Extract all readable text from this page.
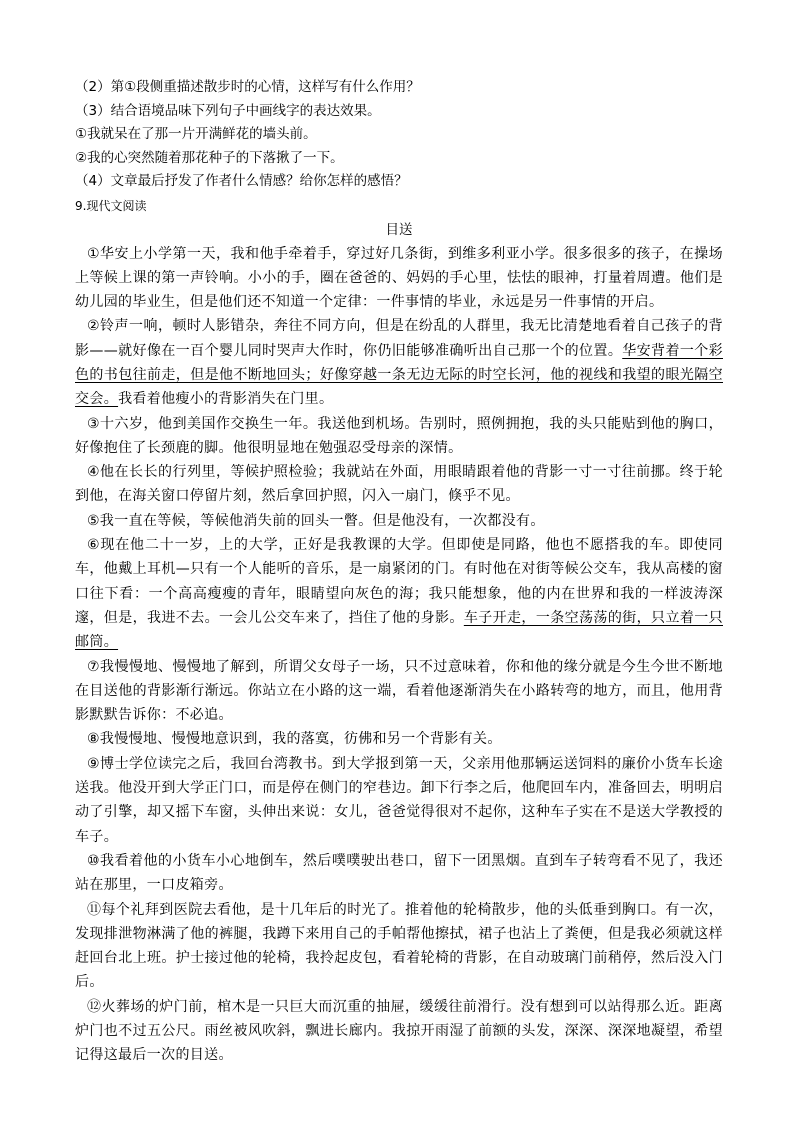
（2）第①段侧重描述散步时的心情，这样写有什么作用？
（3）结合语境品味下列句子中画线字的表达效果。
①我就呆在了那一片开满鲜花的墙头前。
②我的心突然随着那花种子的下落揪了一下。
（4）文章最后抒发了作者什么情感？给你怎样的感悟？
9.现代文阅读
目送
①华安上小学第一天，我和他手牵着手，穿过好几条街，到维多利亚小学。很多很多的孩子，在操场上等候上课的第一声铃响。小小的手，圈在爸爸的、妈妈的手心里，怯怯的眼神，打量着周遭。他们是幼儿园的毕业生，但是他们还不知道一个定律：一件事情的毕业，永远是另一件事情的开启。
②铃声一响，顿时人影错杂，奔往不同方向，但是在纷乱的人群里，我无比清楚地看着自己孩子的背影——就好像在一百个婴儿同时哭声大作时，你仍旧能够准确听出自己那一个的位置。华安背着一个彩色的书包往前走，但是他不断地回头；好像穿越一条无边无际的时空长河，他的视线和我望的眼光隔空交会。我看着他瘦小的背影消失在门里。
③十六岁，他到美国作交换生一年。我送他到机场。告别时，照例拥抱，我的头只能贴到他的胸口，好像抱住了长颈鹿的脚。他很明显地在勉强忍受母亲的深情。
④他在长长的行列里，等候护照检验；我就站在外面，用眼睛跟着他的背影一寸一寸往前挪。终于轮到他，在海关窗口停留片刻，然后拿回护照，闪入一扇门，倏乎不见。
⑤我一直在等候，等候他消失前的回头一瞥。但是他没有，一次都没有。
⑥现在他二十一岁，上的大学，正好是我教课的大学。但即使是同路，他也不愿搭我的车。即使同车，他戴上耳机—只有一个人能听的音乐，是一扇紧闭的门。有时他在对街等候公交车，我从高楼的窗口往下看：一个高高瘦瘦的青年，眼睛望向灰色的海；我只能想象，他的内在世界和我的一样波涛深邃，但是，我进不去。一会儿公交车来了，挡住了他的身影。车子开走，一条空荡荡的街，只立着一只邮筒。
⑦我慢慢地、慢慢地了解到，所谓父女母子一场，只不过意味着，你和他的缘分就是今生今世不断地在目送他的背影渐行渐远。你站立在小路的这一端，看着他逐渐消失在小路转弯的地方，而且，他用背影默默告诉你：不必追。
⑧我慢慢地、慢慢地意识到，我的落寞，彷佛和另一个背影有关。
⑨博士学位读完之后，我回台湾教书。到大学报到第一天，父亲用他那辆运送饲料的廉价小货车长途送我。他没开到大学正门口，而是停在侧门的窄巷边。卸下行李之后，他爬回车内，准备回去，明明启动了引擎，却又摇下车窗，头伸出来说：女儿，爸爸觉得很对不起你，这种车子实在不是送大学教授的车子。
⑩我看着他的小货车小心地倒车，然后噗噗驶出巷口，留下一团黑烟。直到车子转弯看不见了，我还站在那里，一口皮箱旁。
⑪每个礼拜到医院去看他，是十几年后的时光了。推着他的轮椅散步，他的头低垂到胸口。有一次，发现排泄物淋满了他的裤腿，我蹲下来用自己的手帕帮他擦拭，裙子也沾上了粪便，但是我必须就这样赶回台北上班。护士接过他的轮椅，我拎起皮包，看着轮椅的背影，在自动玻璃门前稍停，然后没入门后。
⑫火葬场的炉门前，棺木是一只巨大而沉重的抽屉，缓缓往前滑行。没有想到可以站得那么近。距离炉门也不过五公尺。雨丝被风吹斜，飘进长廊内。我掠开雨湿了前额的头发，深深、深深地凝望，希望记得这最后一次的目送。
